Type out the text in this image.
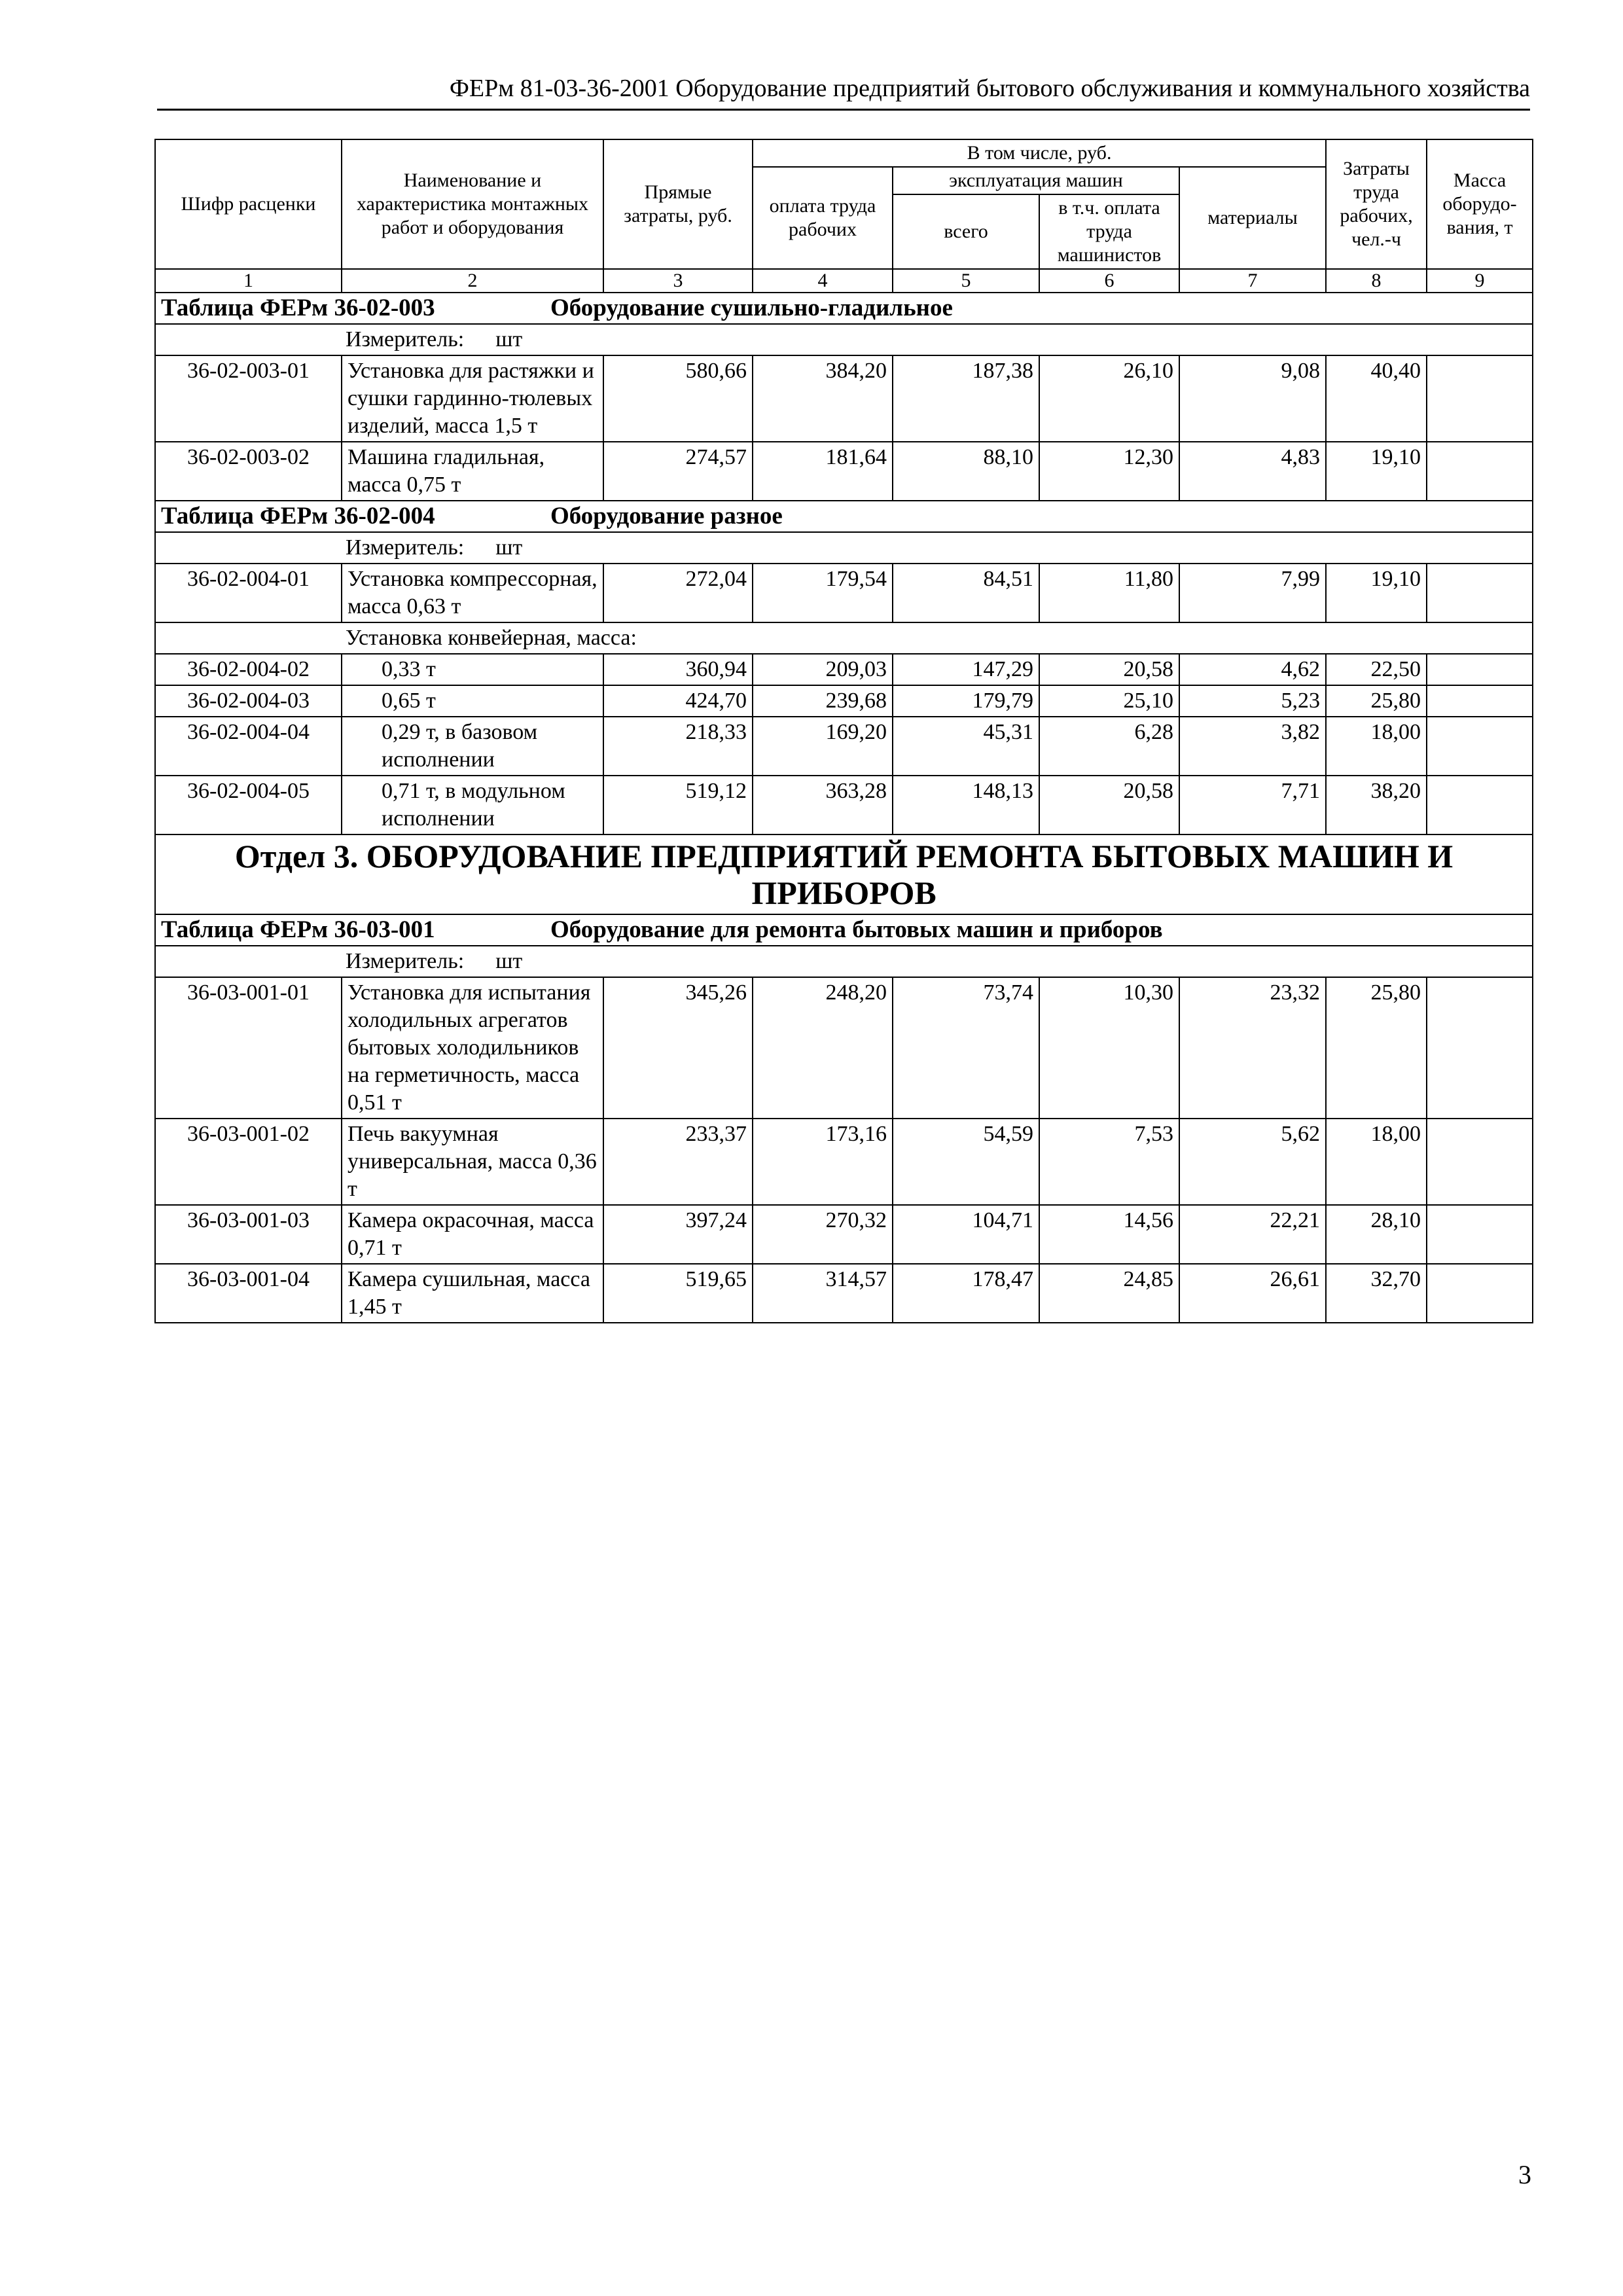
ФЕРм 81-03-36-2001 Оборудование предприятий бытового обслуживания и коммунального хозяйства
Шифр расценки	Наименование и характеристика монтажных работ и оборудования	Прямые затраты, руб.	В том числе, руб.				Затраты труда рабочих, чел.-ч	Масса оборудо-вания, т
			оплата труда рабочих	эксплуатация машин		материалы		
				всего	в т.ч. оплата труда машинистов			
1	2	3	4	5	6	7	8	9
Таблица ФЕРм 36-02-003 Оборудование сушильно-гладильное								
Измеритель: шт								
36-02-003-01	Установка для растяжки и сушки гардинно-тюлевых изделий, масса 1,5 т	580,66	384,20	187,38	26,10	9,08	40,40	
36-02-003-02	Машина гладильная, масса 0,75 т	274,57	181,64	88,10	12,30	4,83	19,10	
Таблица ФЕРм 36-02-004 Оборудование разное								
Измеритель: шт								
36-02-004-01	Установка компрессорная, масса 0,63 т	272,04	179,54	84,51	11,80	7,99	19,10	
Установка конвейерная, масса:								
36-02-004-02	0,33 т	360,94	209,03	147,29	20,58	4,62	22,50	
36-02-004-03	0,65 т	424,70	239,68	179,79	25,10	5,23	25,80	
36-02-004-04	0,29 т, в базовом исполнении	218,33	169,20	45,31	6,28	3,82	18,00	
36-02-004-05	0,71 т, в модульном исполнении	519,12	363,28	148,13	20,58	7,71	38,20	
Отдел 3. ОБОРУДОВАНИЕ ПРЕДПРИЯТИЙ РЕМОНТА БЫТОВЫХ МАШИН И ПРИБОРОВ								
Таблица ФЕРм 36-03-001 Оборудование для ремонта бытовых машин и приборов								
Измеритель: шт								
36-03-001-01	Установка для испытания холодильных агрегатов бытовых холодильников на герметичность, масса 0,51 т	345,26	248,20	73,74	10,30	23,32	25,80	
36-03-001-02	Печь вакуумная универсальная, масса 0,36 т	233,37	173,16	54,59	7,53	5,62	18,00	
36-03-001-03	Камера окрасочная, масса 0,71 т	397,24	270,32	104,71	14,56	22,21	28,10	
36-03-001-04	Камера сушильная, масса 1,45 т	519,65	314,57	178,47	24,85	26,61	32,70	
3
